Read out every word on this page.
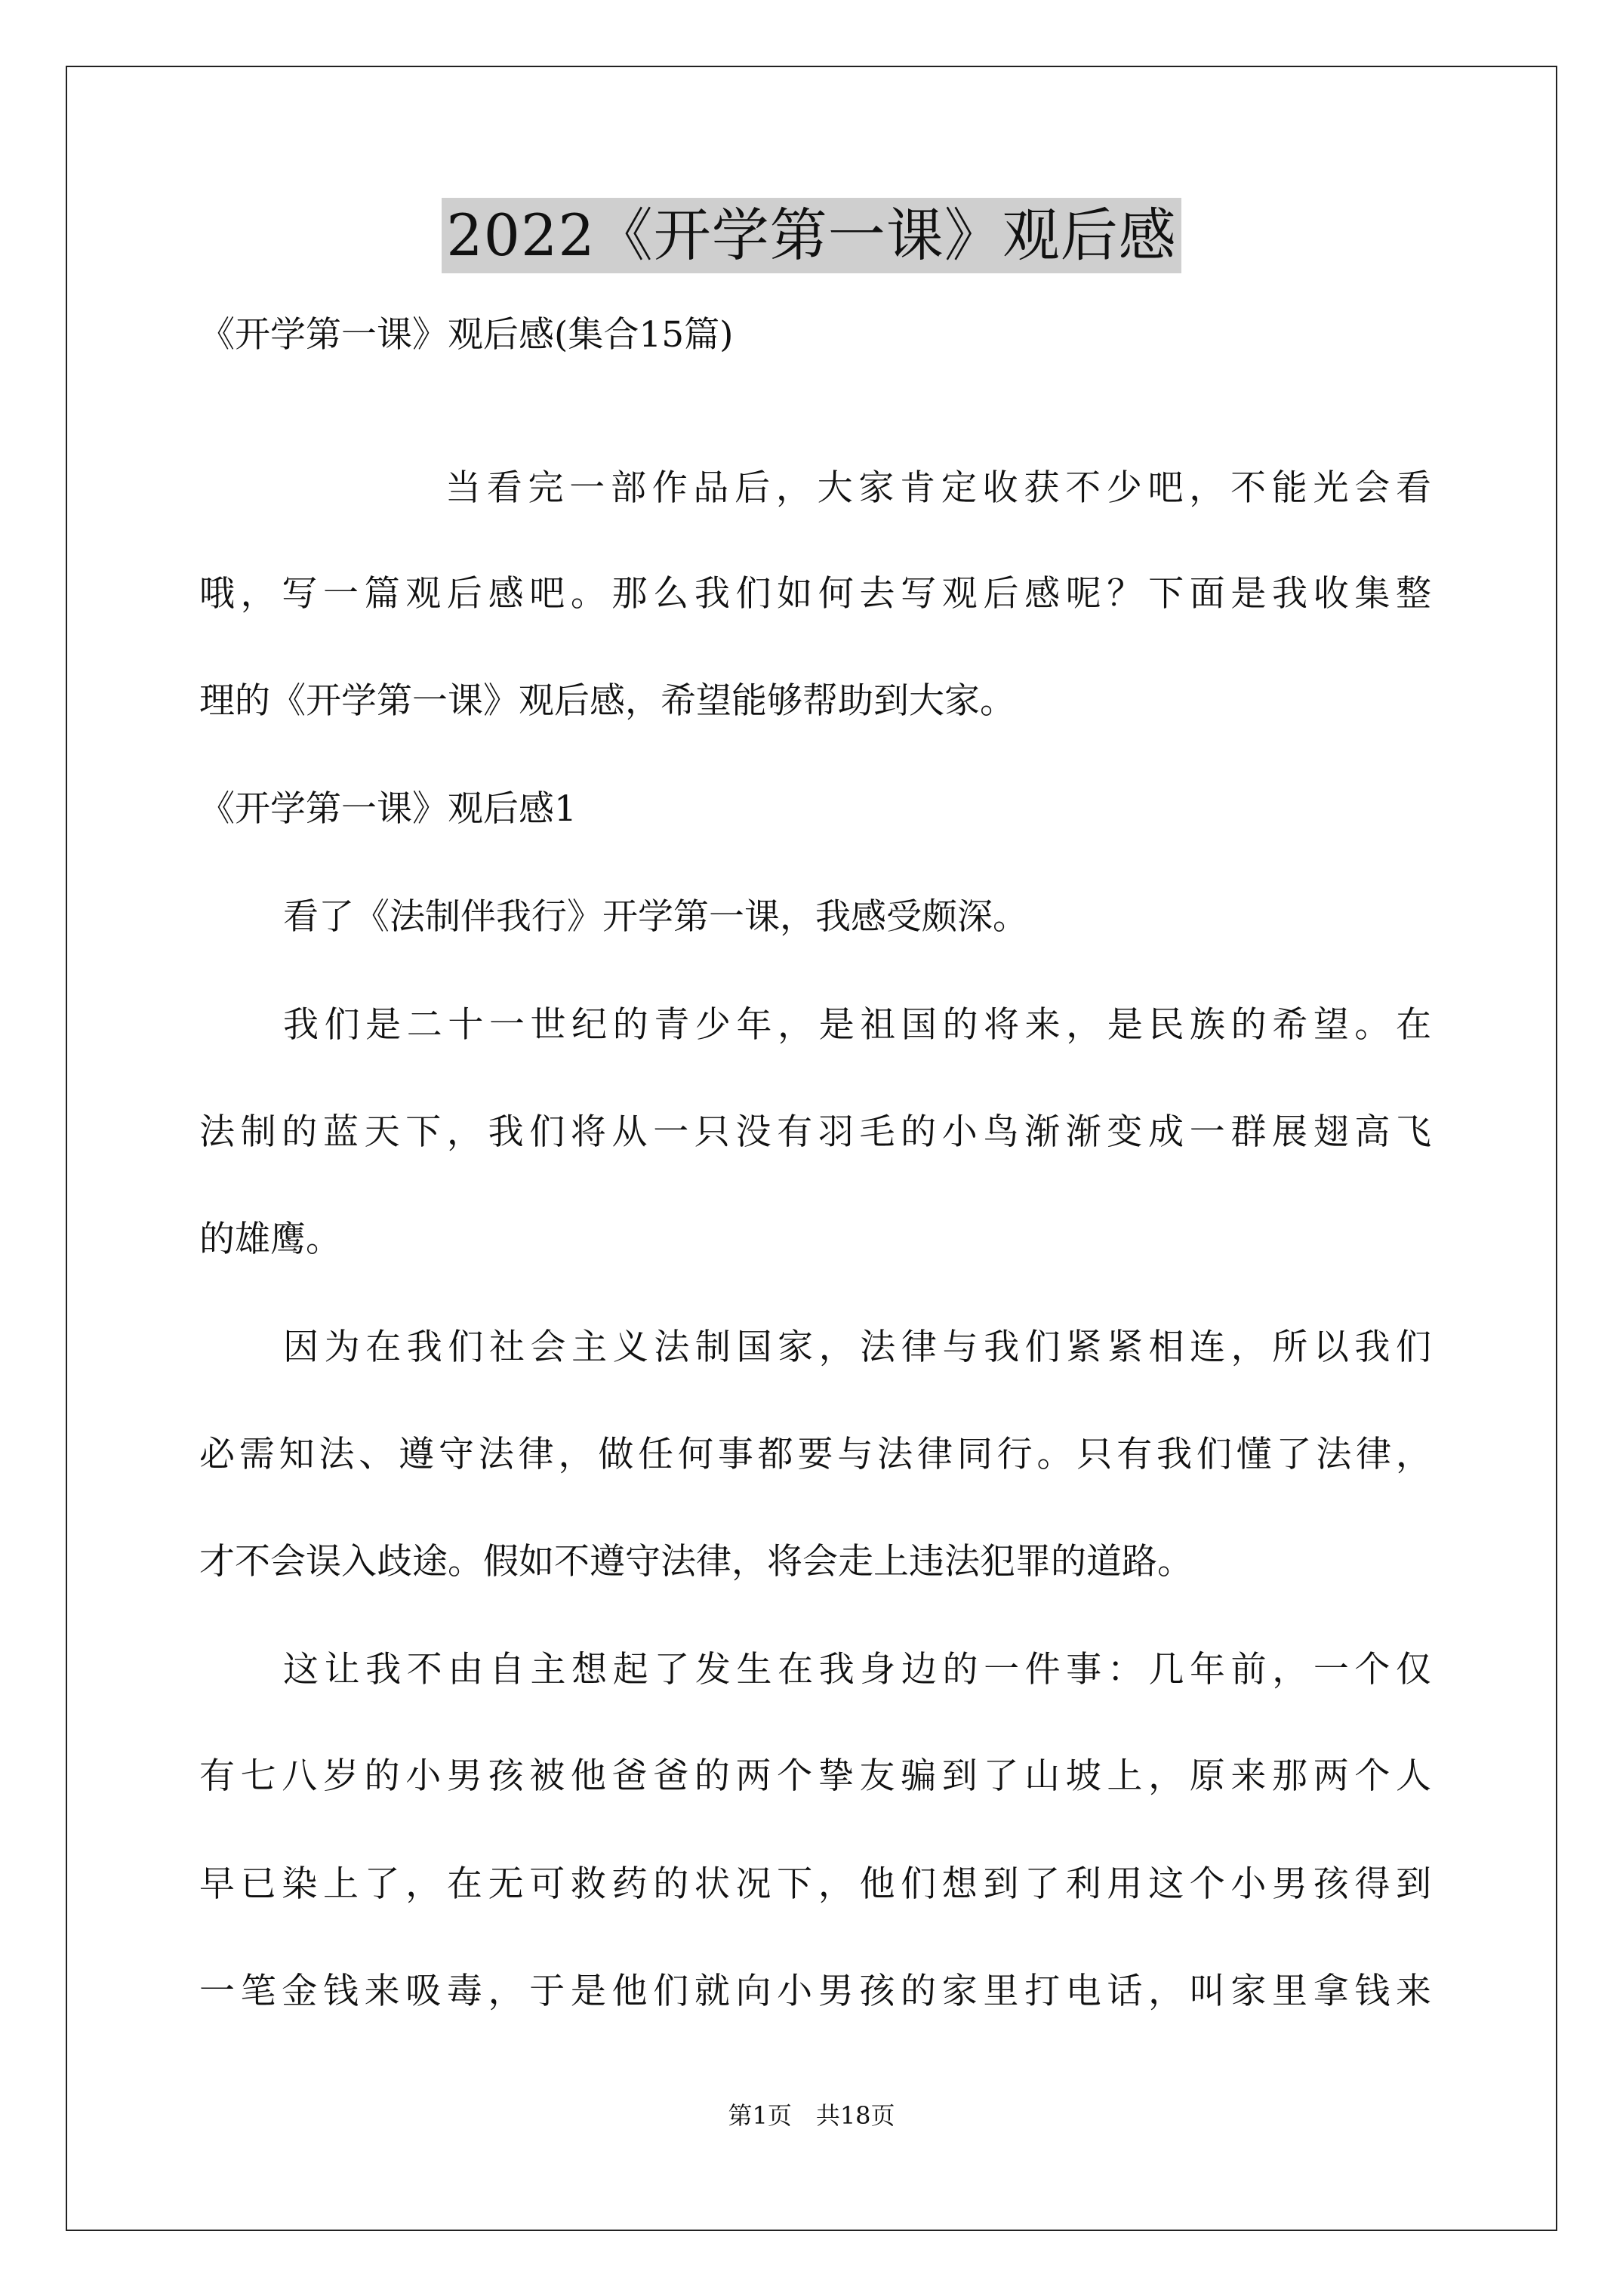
2022《开学第一课》观后感
《开学第一课》观后感(集合15篇)
当看完一部作品后，大家肯定收获不少吧，不能光会看
哦，写一篇观后感吧。那么我们如何去写观后感呢？下面是我收集整
理的《开学第一课》观后感，希望能够帮助到大家。
《开学第一课》观后感1
看了《法制伴我行》开学第一课，我感受颇深。
我们是二十一世纪的青少年，是祖国的将来，是民族的希望。在
法制的蓝天下，我们将从一只没有羽毛的小鸟渐渐变成一群展翅高飞
的雄鹰。
因为在我们社会主义法制国家，法律与我们紧紧相连，所以我们
必需知法、遵守法律，做任何事都要与法律同行。只有我们懂了法律，
才不会误入歧途。假如不遵守法律，将会走上违法犯罪的道路。
这让我不由自主想起了发生在我身边的一件事：几年前，一个仅
有七八岁的小男孩被他爸爸的两个挚友骗到了山坡上，原来那两个人
早已染上了，在无可救药的状况下，他们想到了利用这个小男孩得到
一笔金钱来吸毒，于是他们就向小男孩的家里打电话，叫家里拿钱来
第1页　共18页
